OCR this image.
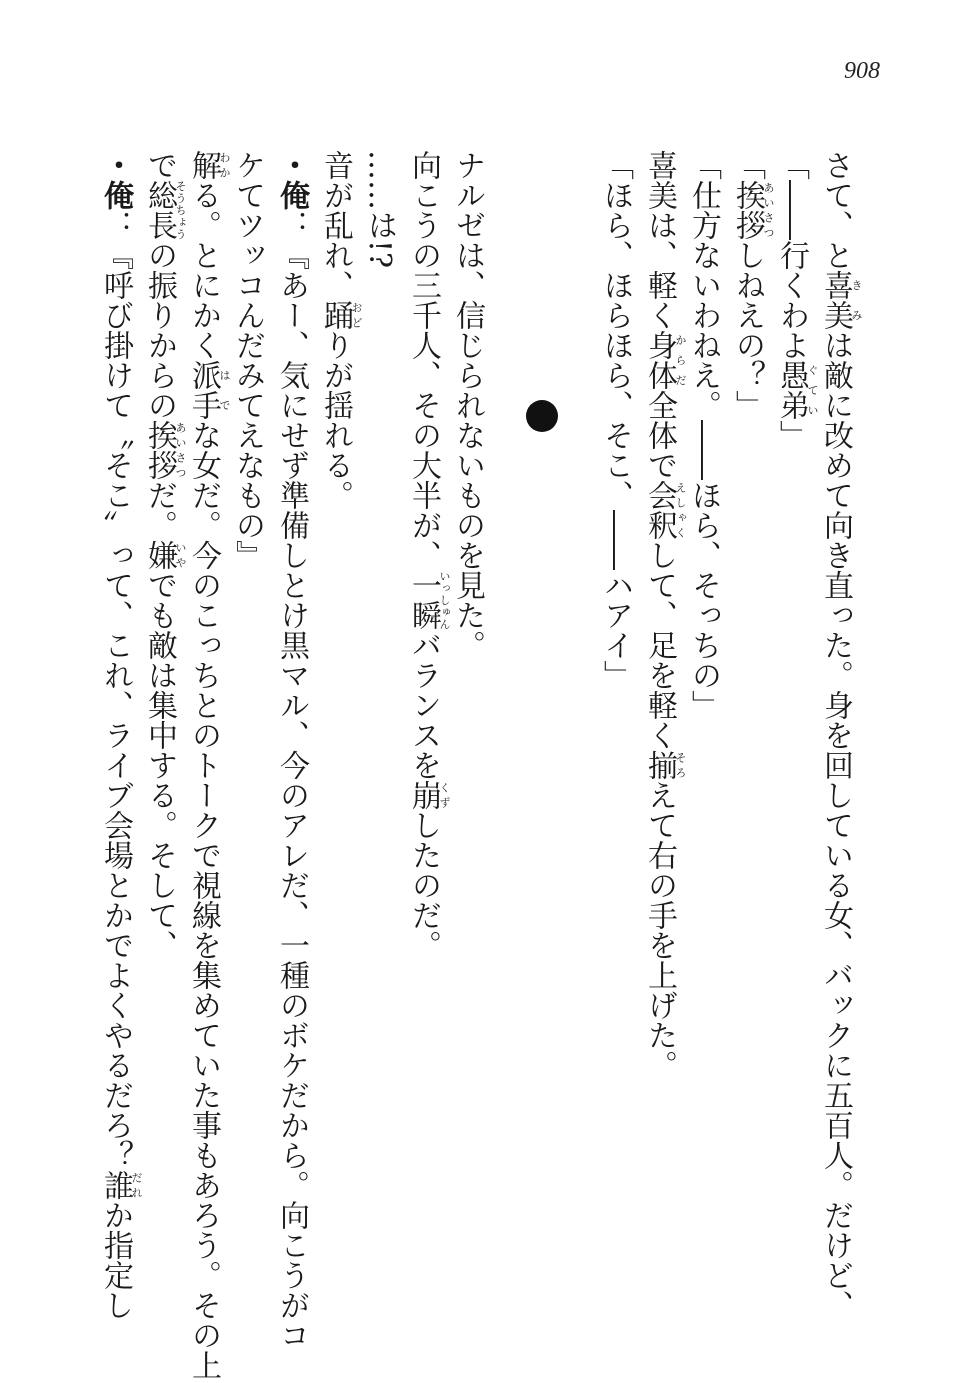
908
さて、と喜美きみは敵に改めて向き直った。身を回している女、バックに五百人。だけど、
「――行くわよ愚弟ぐてい」
「挨拶あいさつしねえの？」
「仕方ないわねえ。――ほら、そっちの」
喜美は、軽く身体からだ全体で会釈えしゃくして、足を軽く揃そろえて右の手を上げた。
「ほら、ほらほら、そこ、――ハアイ」
ナルゼは、信じられないものを見た。
向こうの三千人、その大半が、一瞬いっしゅんバランスを崩くずしたのだ。
……は!?
音が乱れ、踊おどりが揺れる。
・俺：『あー、気にせず準備しとけ黒マル、今のアレだ、一種のボケだから。向こうがコ
ケてツッコんだみてえなもの』
解わかる。とにかく派手はでな女だ。今のこっちとのトークで視線を集めていた事もあろう。その上
で総長そうちょうの振りからの挨拶あいさつだ。嫌いやでも敵は集中する。そして、
・俺：『呼び掛けて〝そこ〟って、これ、ライブ会場とかでよくやるだろ？誰だれか指定し
